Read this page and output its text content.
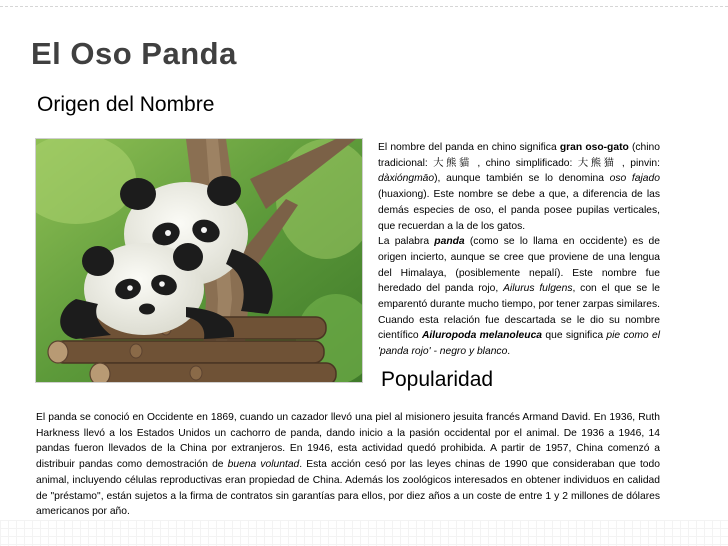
El Oso Panda
Origen del Nombre

El nombre del panda en chino significa gran oso-gato (chino tradicional: 大熊貓 , chino simplificado: 大熊猫 , pinvin: dàxióngmāo), aunque también se lo denomina oso fajado (huaxiong). Este nombre se debe a que, a diferencia de las demás especies de oso, el panda posee pupilas verticales, que recuerdan a la de los gatos.
La palabra panda (como se lo llama en occidente) es de origen incierto, aunque se cree que proviene de una lengua del Himalaya, (posiblemente nepalí). Este nombre fue heredado del panda rojo, Ailurus fulgens, con el que se le emparentó durante mucho tiempo, por tener zarpas similares. Cuando esta relación fue descartada se le dio su nombre científico Ailuropoda melanoleuca que significa pie como el 'panda rojo' - negro y blanco.

Popularidad

El panda se conoció en Occidente en 1869, cuando un cazador llevó una piel al misionero jesuita francés Armand David. En 1936, Ruth Harkness llevó a los Estados Unidos un cachorro de panda, dando inicio a la pasión occidental por el animal. De 1936 a 1946, 14 pandas fueron llevados de la China por extranjeros. En 1946, esta actividad quedó prohibida. A partir de 1957, China comenzó a distribuir pandas como demostración de buena voluntad. Esta acción cesó por las leyes chinas de 1990 que consideraban que todo animal, incluyendo células reproductivas eran propiedad de China. Además los zoológicos interesados en obtener individuos en calidad de "préstamo", están sujetos a la firma de contratos sin garantías para ellos, por diez años a un coste de entre 1 y 2 millones de dólares americanos por año.
